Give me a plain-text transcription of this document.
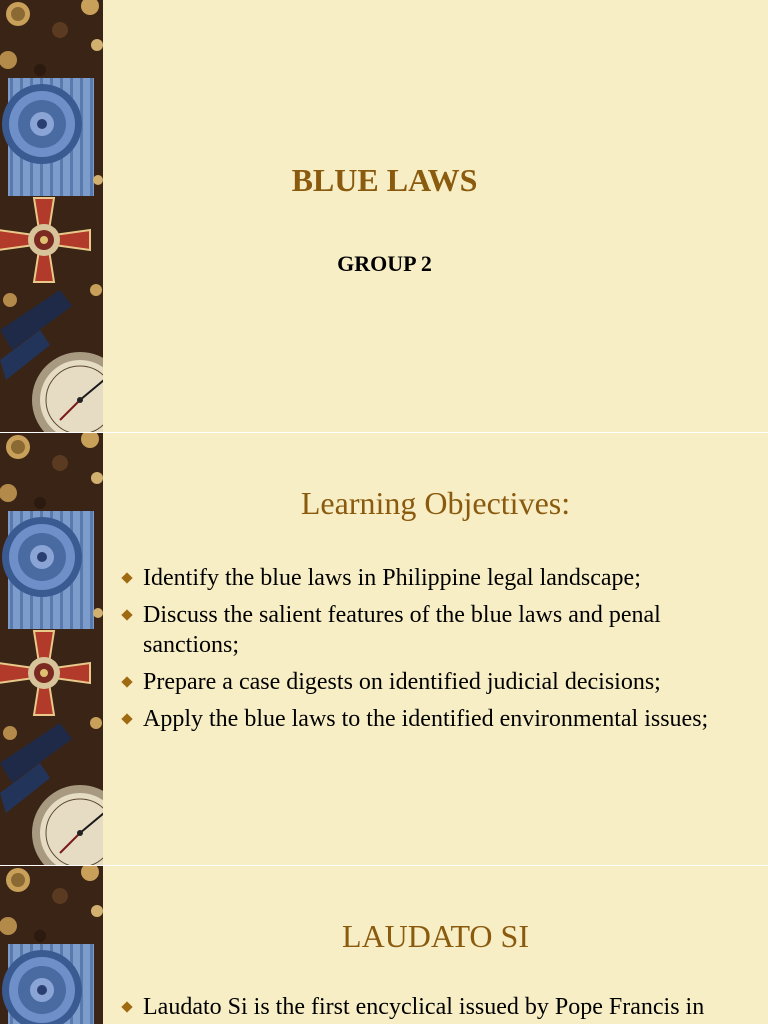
BLUE LAWS
GROUP 2
Learning Objectives:
Identify the blue laws in Philippine legal landscape;
Discuss the salient features of the blue laws and penal sanctions;
Prepare a case digests on identified judicial decisions;
Apply the blue laws to the identified environmental issues;
LAUDATO SI
Laudato Si is the first encyclical issued by Pope Francis in
